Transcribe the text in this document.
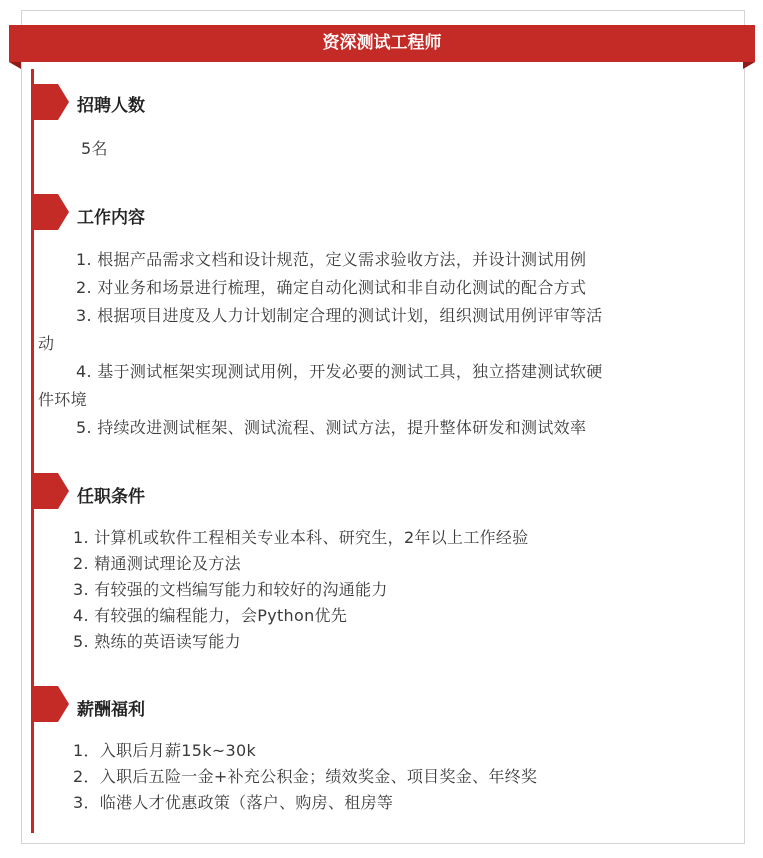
资深测试工程师
招聘人数
5名
工作内容
1. 根据产品需求文档和设计规范，定义需求验收方法，并设计测试用例
2. 对业务和场景进行梳理，确定自动化测试和非自动化测试的配合方式
3. 根据项目进度及人力计划制定合理的测试计划，组织测试用例评审等活
动
4. 基于测试框架实现测试用例，开发必要的测试工具，独立搭建测试软硬
件环境
5. 持续改进测试框架、测试流程、测试方法，提升整体研发和测试效率
任职条件
1. 计算机或软件工程相关专业本科、研究生，2年以上工作经验
2. 精通测试理论及方法
3. 有较强的文档编写能力和较好的沟通能力
4. 有较强的编程能力，会Python优先
5. 熟练的英语读写能力
薪酬福利
1．入职后月薪15k~30k
2．入职后五险一金+补充公积金；绩效奖金、项目奖金、年终奖
3．临港人才优惠政策（落户、购房、租房等
